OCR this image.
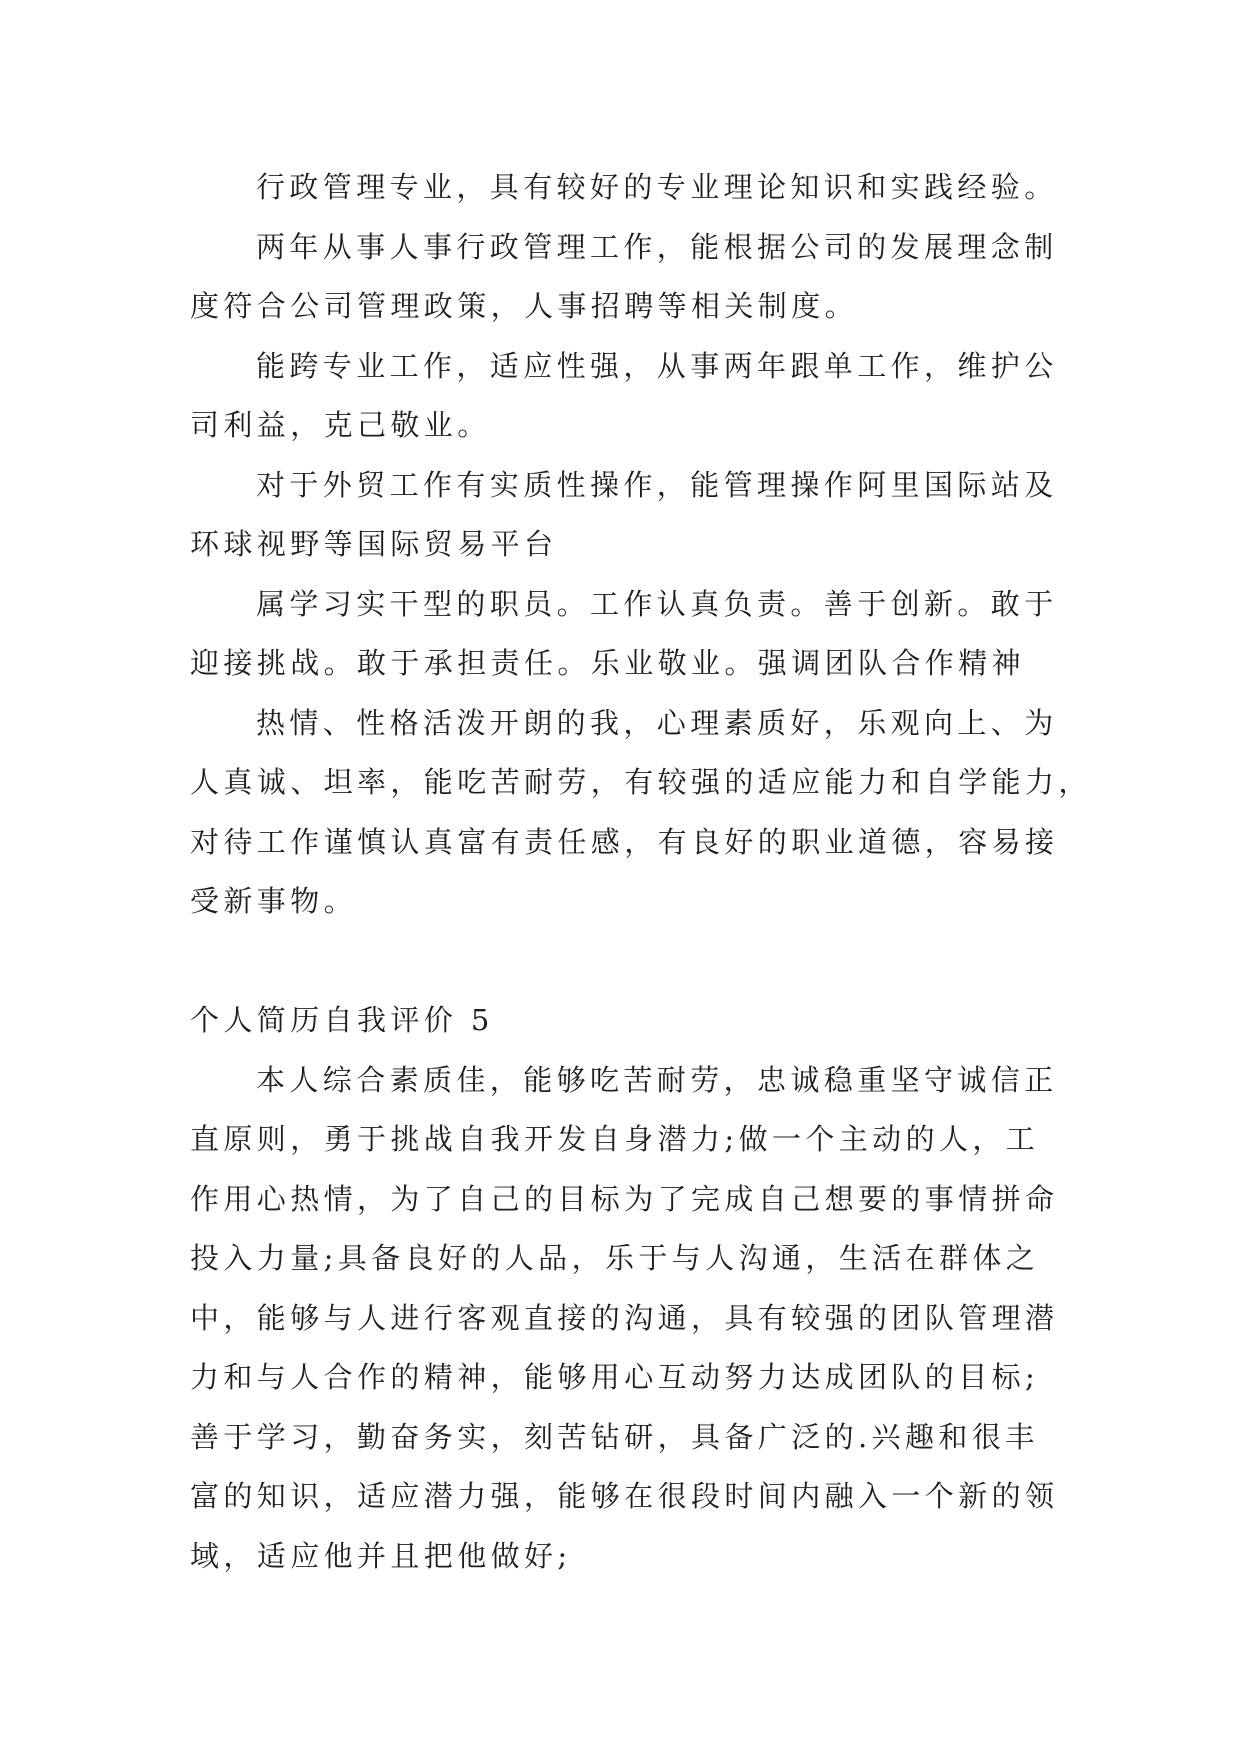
行政管理专业，具有较好的专业理论知识和实践经验。

两年从事人事行政管理工作，能根据公司的发展理念制
度符合公司管理政策，人事招聘等相关制度。

能跨专业工作，适应性强，从事两年跟单工作，维护公
司利益，克己敬业。

对于外贸工作有实质性操作，能管理操作阿里国际站及
环球视野等国际贸易平台

属学习实干型的职员。工作认真负责。善于创新。敢于
迎接挑战。敢于承担责任。乐业敬业。强调团队合作精神

热情、性格活泼开朗的我，心理素质好，乐观向上、为
人真诚、坦率，能吃苦耐劳，有较强的适应能力和自学能力，
对待工作谨慎认真富有责任感，有良好的职业道德，容易接
受新事物。

个人简历自我评价 5

本人综合素质佳，能够吃苦耐劳，忠诚稳重坚守诚信正
直原则，勇于挑战自我开发自身潜力;做一个主动的人，工
作用心热情，为了自己的目标为了完成自己想要的事情拼命
投入力量;具备良好的人品，乐于与人沟通，生活在群体之
中，能够与人进行客观直接的沟通，具有较强的团队管理潜
力和与人合作的精神，能够用心互动努力达成团队的目标;
善于学习，勤奋务实，刻苦钻研，具备广泛的.兴趣和很丰
富的知识，适应潜力强，能够在很段时间内融入一个新的领
域，适应他并且把他做好;
